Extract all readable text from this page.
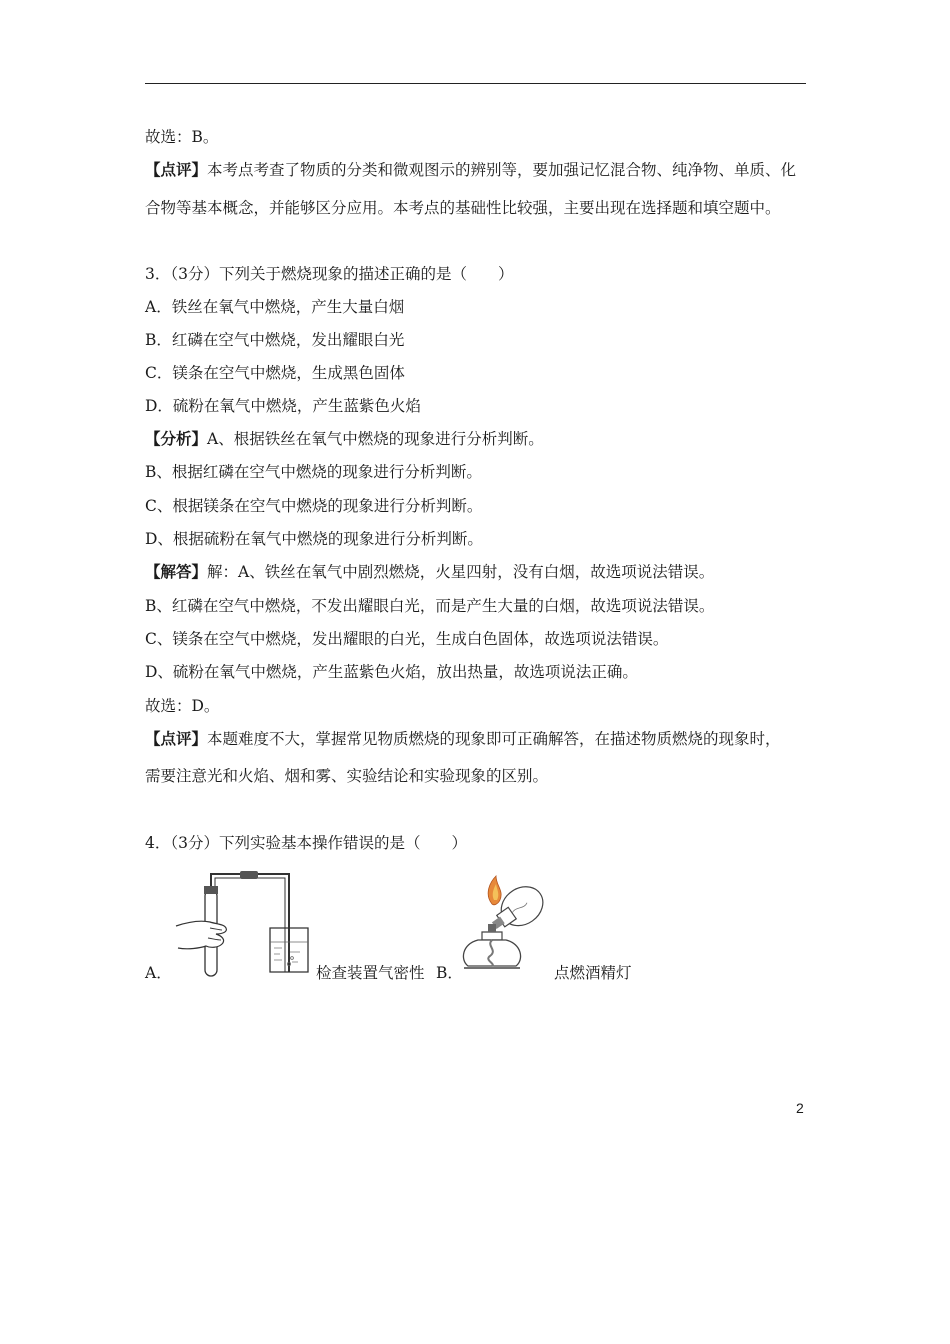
故选：B。
【点评】本考点考查了物质的分类和微观图示的辨别等，要加强记忆混合物、纯净物、单质、化
合物等基本概念，并能够区分应用。本考点的基础性比较强，主要出现在选择题和填空题中。
3．（3分）下列关于燃烧现象的描述正确的是（　　）
A．铁丝在氧气中燃烧，产生大量白烟
B．红磷在空气中燃烧，发出耀眼白光
C．镁条在空气中燃烧，生成黑色固体
D．硫粉在氧气中燃烧，产生蓝紫色火焰
【分析】A、根据铁丝在氧气中燃烧的现象进行分析判断。
B、根据红磷在空气中燃烧的现象进行分析判断。
C、根据镁条在空气中燃烧的现象进行分析判断。
D、根据硫粉在氧气中燃烧的现象进行分析判断。
【解答】解：A、铁丝在氧气中剧烈燃烧，火星四射，没有白烟，故选项说法错误。
B、红磷在空气中燃烧，不发出耀眼白光，而是产生大量的白烟，故选项说法错误。
C、镁条在空气中燃烧，发出耀眼的白光，生成白色固体，故选项说法错误。
D、硫粉在氧气中燃烧，产生蓝紫色火焰，放出热量，故选项说法正确。
故选：D。
【点评】本题难度不大，掌握常见物质燃烧的现象即可正确解答，在描述物质燃烧的现象时，
需要注意光和火焰、烟和雾、实验结论和实验现象的区别。
4．（3分）下列实验基本操作错误的是（　　）
A．	检查装置气密性 B．	点燃酒精灯
2
